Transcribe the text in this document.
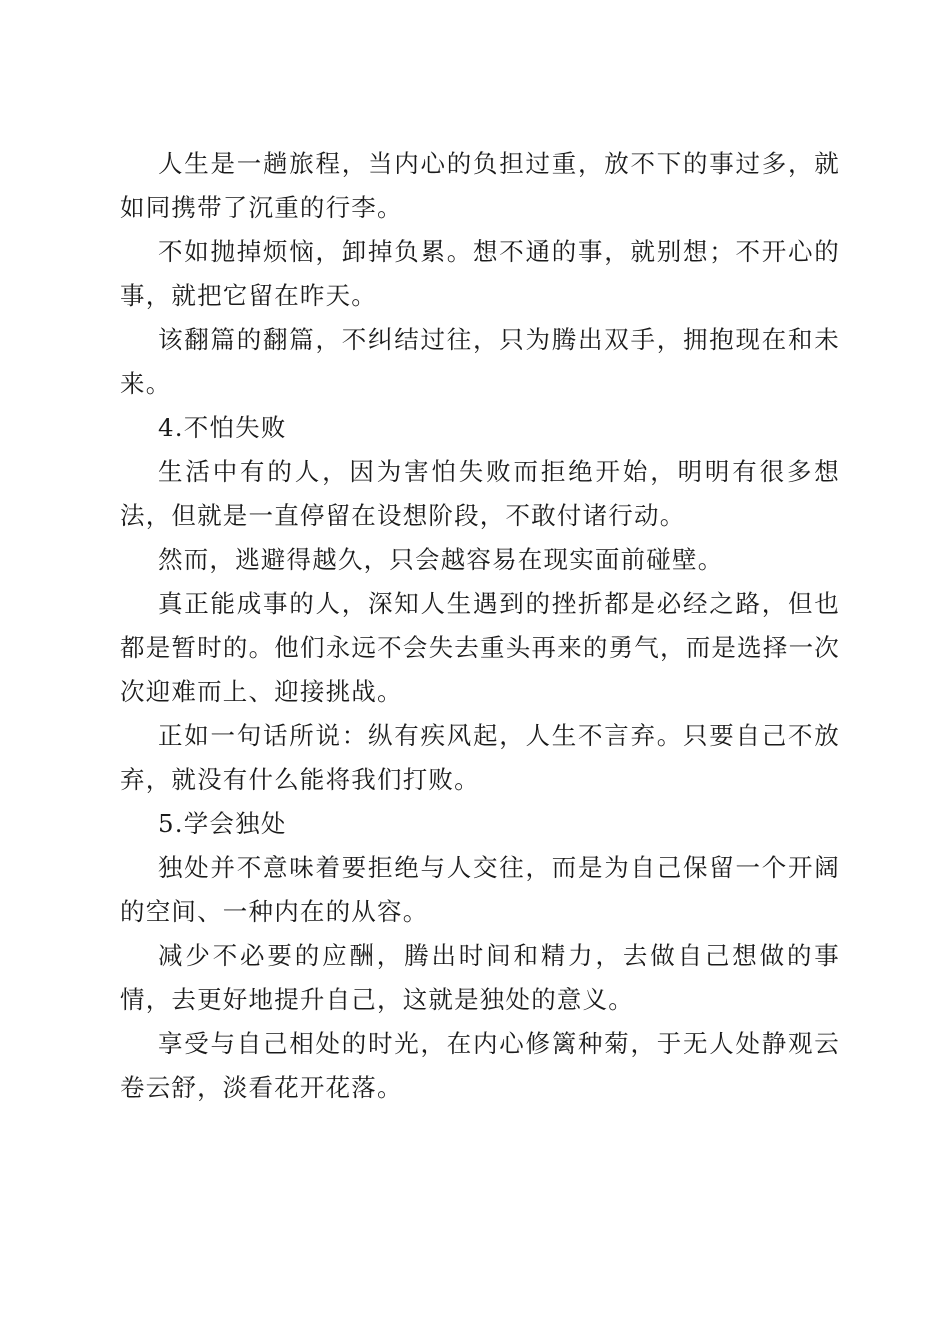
人生是一趟旅程，当内心的负担过重，放不下的事过多，就如同携带了沉重的行李。

不如抛掉烦恼，卸掉负累。想不通的事，就别想；不开心的事，就把它留在昨天。

该翻篇的翻篇，不纠结过往，只为腾出双手，拥抱现在和未来。

4.不怕失败

生活中有的人，因为害怕失败而拒绝开始，明明有很多想法，但就是一直停留在设想阶段，不敢付诸行动。

然而，逃避得越久，只会越容易在现实面前碰壁。

真正能成事的人，深知人生遇到的挫折都是必经之路，但也都是暂时的。他们永远不会失去重头再来的勇气，而是选择一次次迎难而上、迎接挑战。

正如一句话所说：纵有疾风起，人生不言弃。只要自己不放弃，就没有什么能将我们打败。

5.学会独处

独处并不意味着要拒绝与人交往，而是为自己保留一个开阔的空间、一种内在的从容。

减少不必要的应酬，腾出时间和精力，去做自己想做的事情，去更好地提升自己，这就是独处的意义。

享受与自己相处的时光，在内心修篱种菊，于无人处静观云卷云舒，淡看花开花落。
